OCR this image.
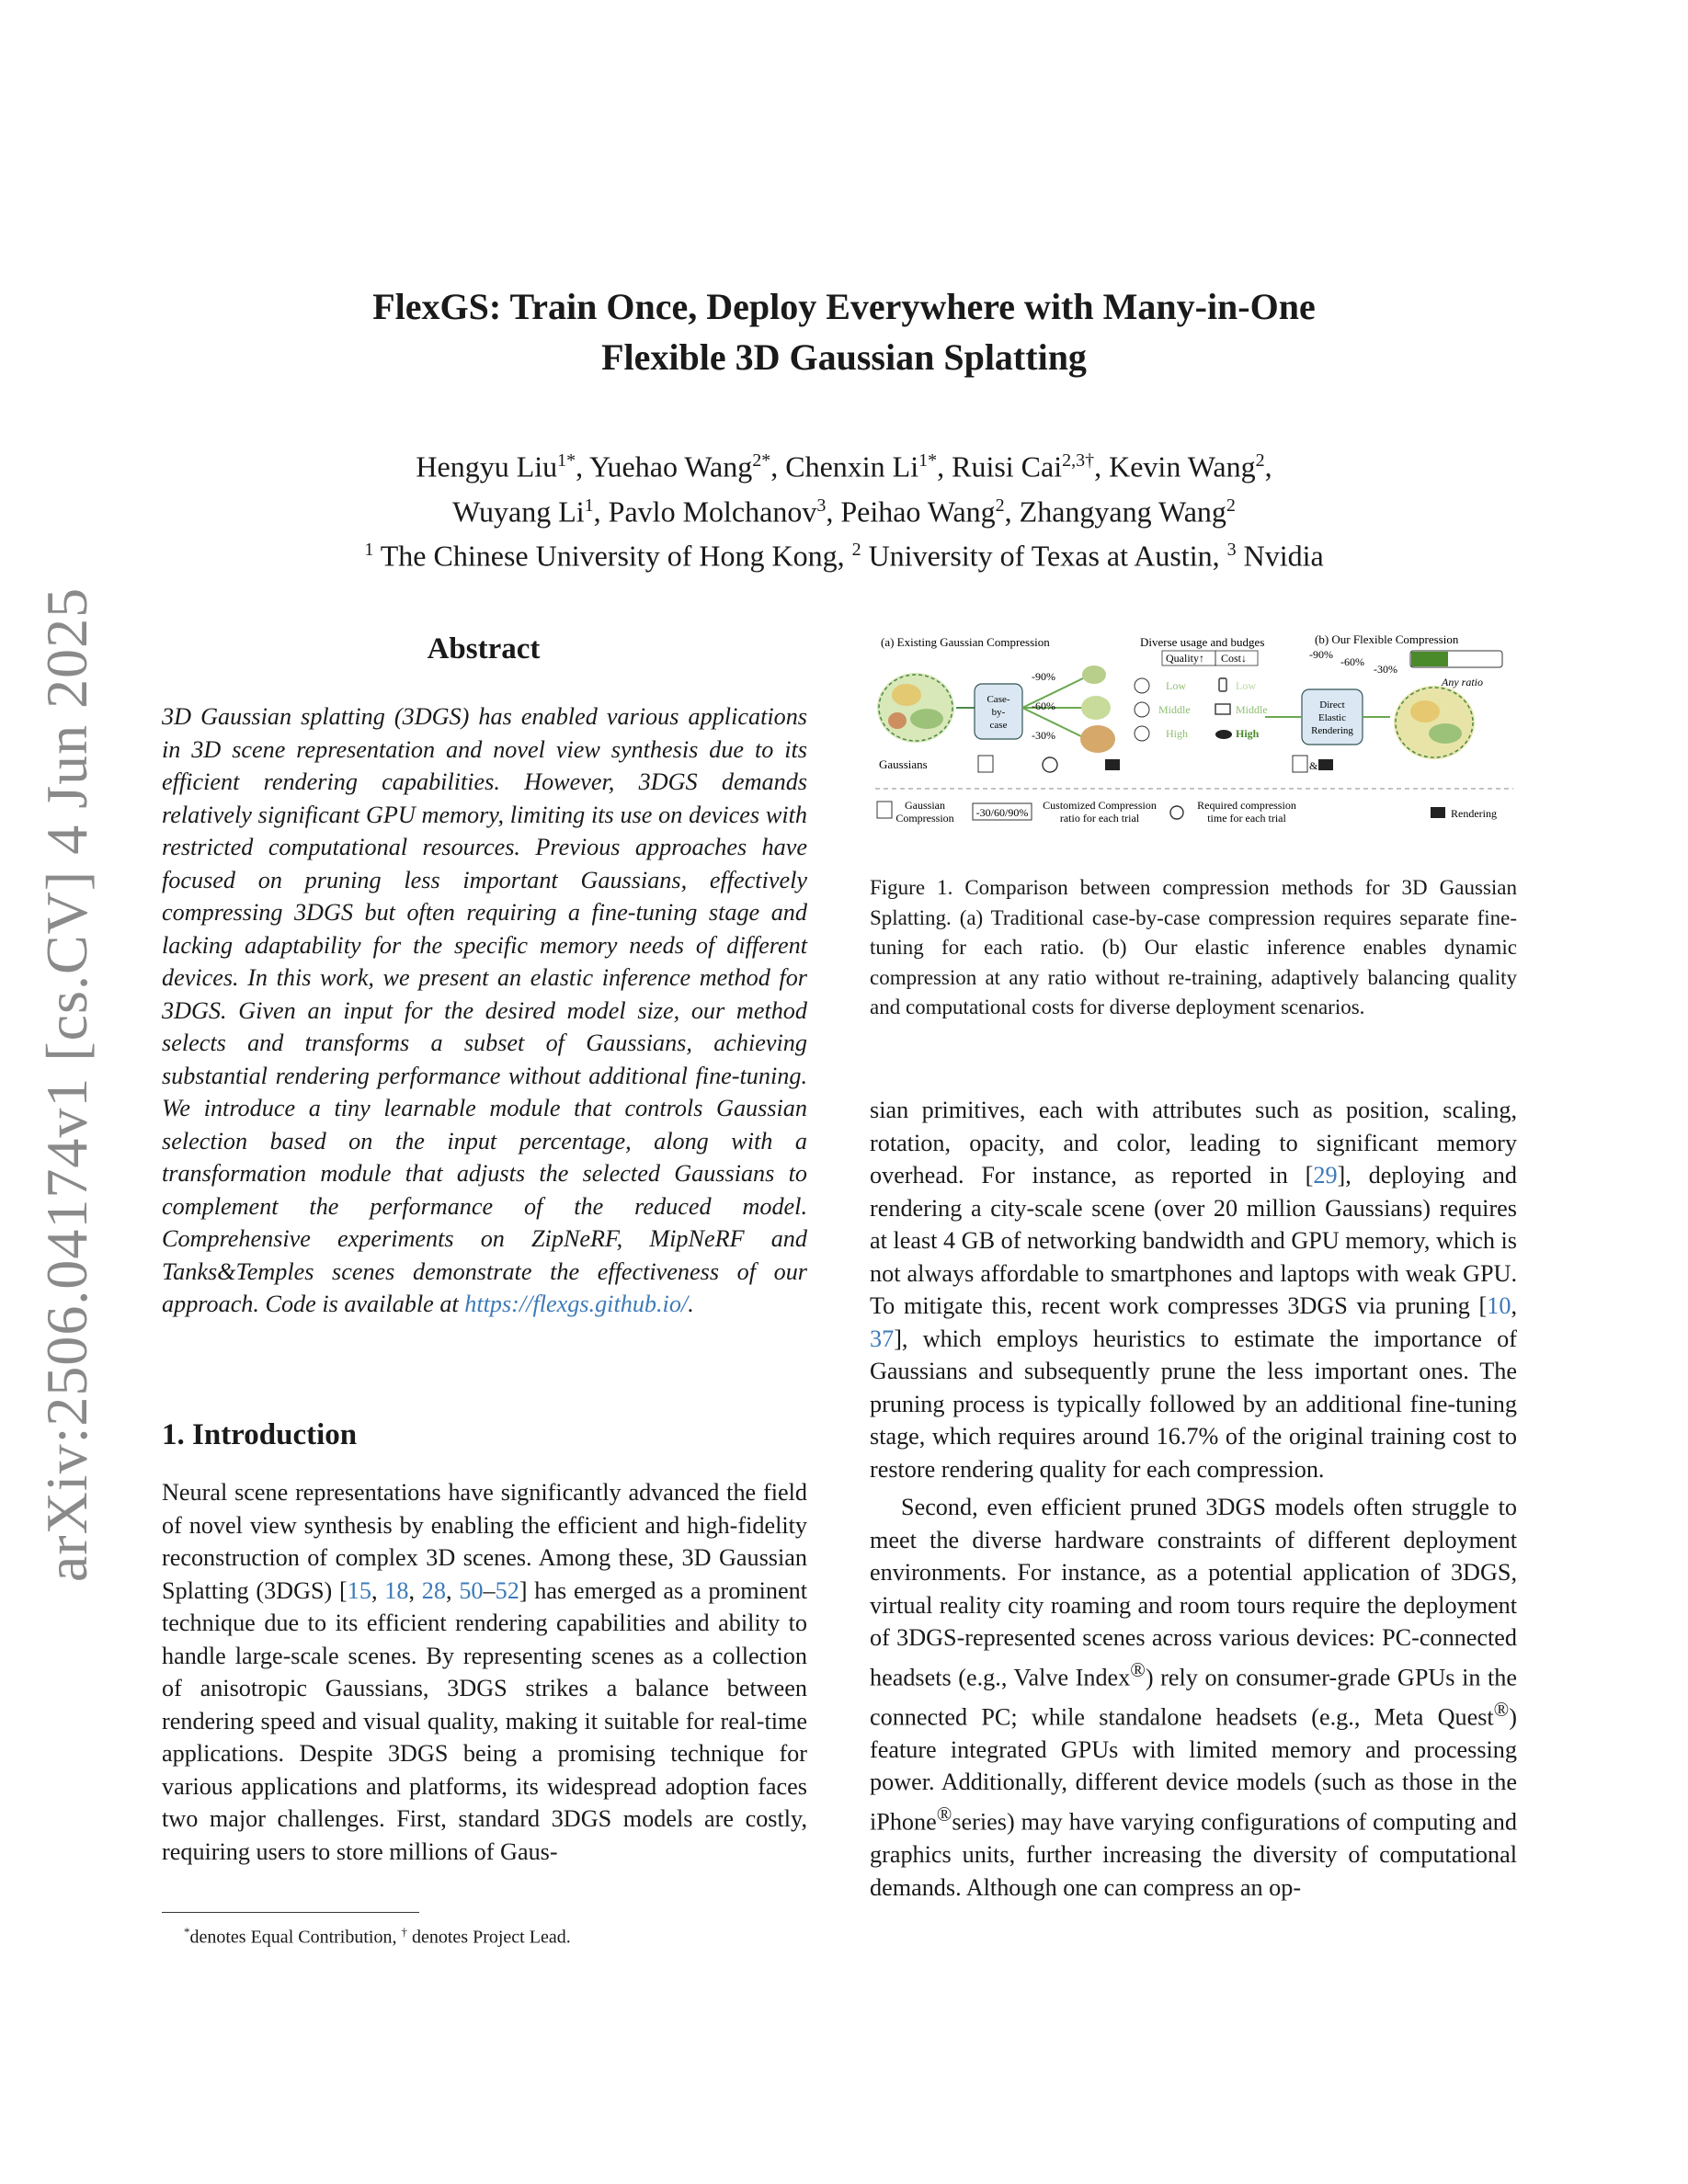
arXiv:2506.04174v1 [cs.CV] 4 Jun 2025
FlexGS: Train Once, Deploy Everywhere with Many-in-One
Flexible 3D Gaussian Splatting
Hengyu Liu$^{1*}$, Yuehao Wang$^{2*}$, Chenxin $Li^{1*}$, Ruisi Cai$^{2,3\dagger}$, Kevin Wang$^2$,
Wuyang Li$^1$, Pavlo Molchanov$^3$, Peihao Wang$^2$, Zhangyang Wang$^2$
$^1$ The Chinese University of Hong Kong, $^2$ University of Texas at Austin, $^3$ Nvidia
Abstract
3D Gaussian splatting (3DGS) has enabled various applications in 3D scene representation and novel view synthesis due to its efficient rendering capabilities. However, 3DGS demands relatively significant GPU memory, limiting its use on devices with restricted computational resources. Previous approaches have focused on pruning less important Gaussians, effectively compressing 3DGS but often requiring a fine-tuning stage and lacking adaptability for the specific memory needs of different devices. In this work, we present an elastic inference method for 3DGS. Given an input for the desired model size, our method selects and transforms a subset of Gaussians, achieving substantial rendering performance without additional fine-tuning. We introduce a tiny learnable module that controls Gaussian selection based on the input percentage, along with a transformation module that adjusts the selected Gaussians to complement the performance of the reduced model. Comprehensive experiments on ZipNeRF, MipNeRF and Tanks&Temples scenes demonstrate the effectiveness of our approach. Code is available at https://flexgs.github.io/.
1. Introduction

Neural scene representations have significantly advanced the field of novel view synthesis by enabling the efficient and high-fidelity reconstruction of complex 3D scenes. Among these, 3D Gaussian Splatting (3DGS) [15, 18, 28, 50–52] has emerged as a prominent technique due to its efficient rendering capabilities and ability to handle large-scale scenes. By representing scenes as a collection of anisotropic Gaussians, 3DGS strikes a balance between rendering speed and visual quality, making it suitable for real-time applications. Despite 3DGS being a promising technique for various applications and platforms, its widespread adoption faces two major challenges. First, standard 3DGS models are costly, requiring users to store millions of Gaus-

*denotes Equal Contribution, † denotes Project Lead.
(a) Existing Gaussian Compression	Diverse usage and budges	(b) Our Flexible Compression
Gaussians
Case-
by-
case
-90%
-60%
-30%
Quality↑ Cost↓
Low
Middle
High
Low
Middle
High
-90%
-60%
-30%
Any ratio
Direct
Elastic
Rendering
&
Gaussian
Compression -30/60/90%
Customized Compression
ratio for each trial
Required compression
time for each trial	Rendering
Figure 1. Comparison between compression methods for 3D Gaussian Splatting. (a) Traditional case-by-case compression requires separate fine-tuning for each ratio. (b) Our elastic inference enables dynamic compression at any ratio without re-training, adaptively balancing quality and computational costs for diverse deployment scenarios.

sian primitives, each with attributes such as position, scaling, rotation, opacity, and color, leading to significant memory overhead. For instance, as reported in [29], deploying and rendering a city-scale scene (over 20 million Gaussians) requires at least 4 GB of networking bandwidth and GPU memory, which is not always affordable to smartphones and laptops with weak GPU. To mitigate this, recent work compresses 3DGS via pruning [10, 37], which employs heuristics to estimate the importance of Gaussians and subsequently prune the less important ones. The pruning process is typically followed by an additional fine-tuning stage, which requires around 16.7% of the original training cost to restore rendering quality for each compression.

Second, even efficient pruned 3DGS models often struggle to meet the diverse hardware constraints of different deployment environments. For instance, as a potential application of 3DGS, virtual reality city roaming and room tours require the deployment of 3DGS-represented scenes across various devices: PC-connected headsets (e.g., Valve Index®) rely on consumer-grade GPUs in the connected PC; while standalone headsets (e.g., Meta Quest®) feature integrated GPUs with limited memory and processing power. Additionally, different device models (such as those in the iPhone®series) may have varying configurations of computing and graphics units, further increasing the diversity of computational demands. Although one can compress an op-
